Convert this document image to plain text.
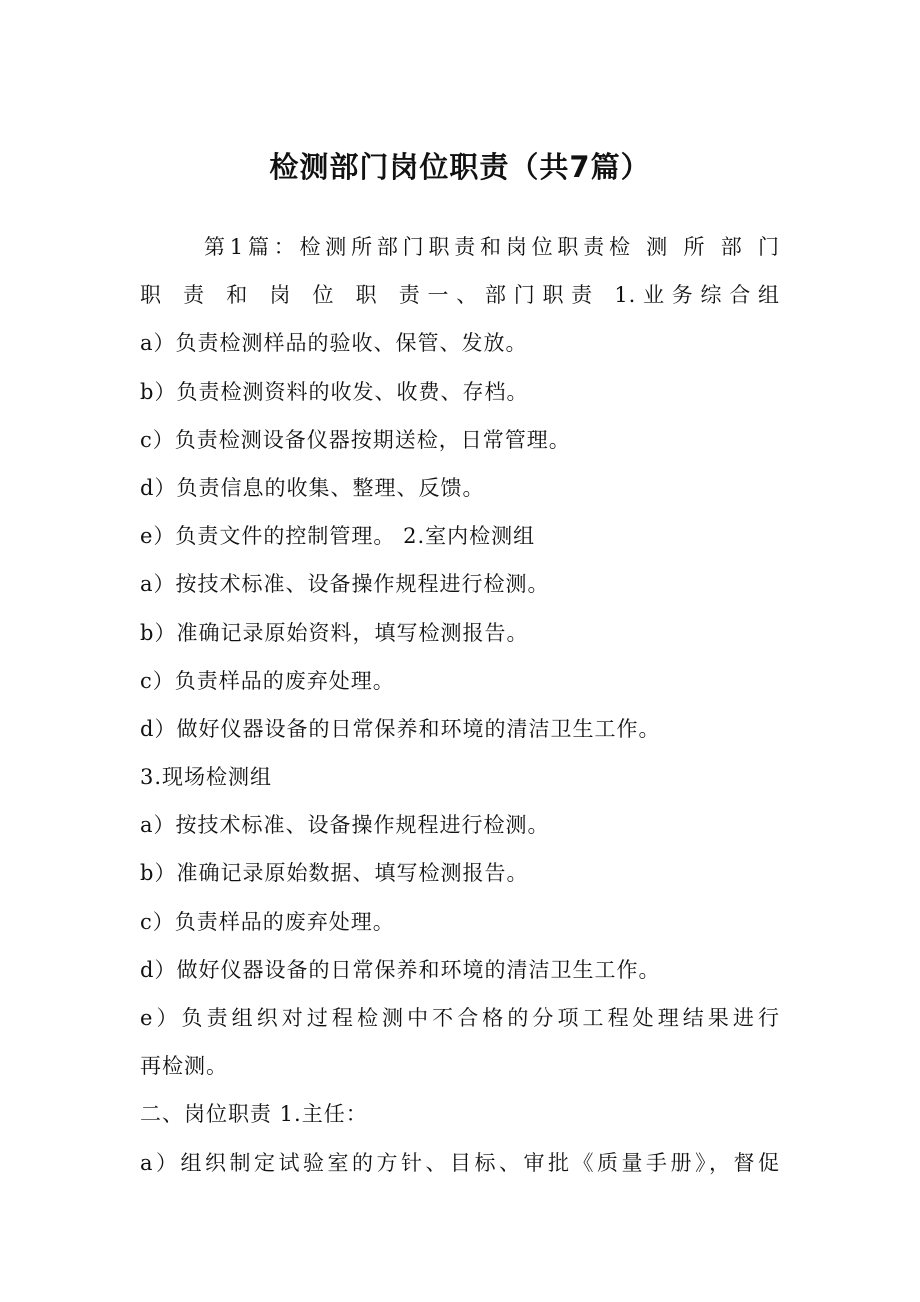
检测部门岗位职责（共7篇）
第1篇：检测所部门职责和岗位职责检 测 所 部 门
职 责 和 岗 位 职 责一、部门职责 1.业务综合组
a）负责检测样品的验收、保管、发放。
b）负责检测资料的收发、收费、存档。
c）负责检测设备仪器按期送检，日常管理。
d）负责信息的收集、整理、反馈。
e）负责文件的控制管理。 2.室内检测组
a）按技术标准、设备操作规程进行检测。
b）准确记录原始资料，填写检测报告。
c）负责样品的废弃处理。
d）做好仪器设备的日常保养和环境的清洁卫生工作。
3.现场检测组
a）按技术标准、设备操作规程进行检测。
b）准确记录原始数据、填写检测报告。
c）负责样品的废弃处理。
d）做好仪器设备的日常保养和环境的清洁卫生工作。
e）负责组织对过程检测中不合格的分项工程处理结果进行
再检测。
二、岗位职责 1.主任：
a）组织制定试验室的方针、目标、审批《质量手册》，督促
